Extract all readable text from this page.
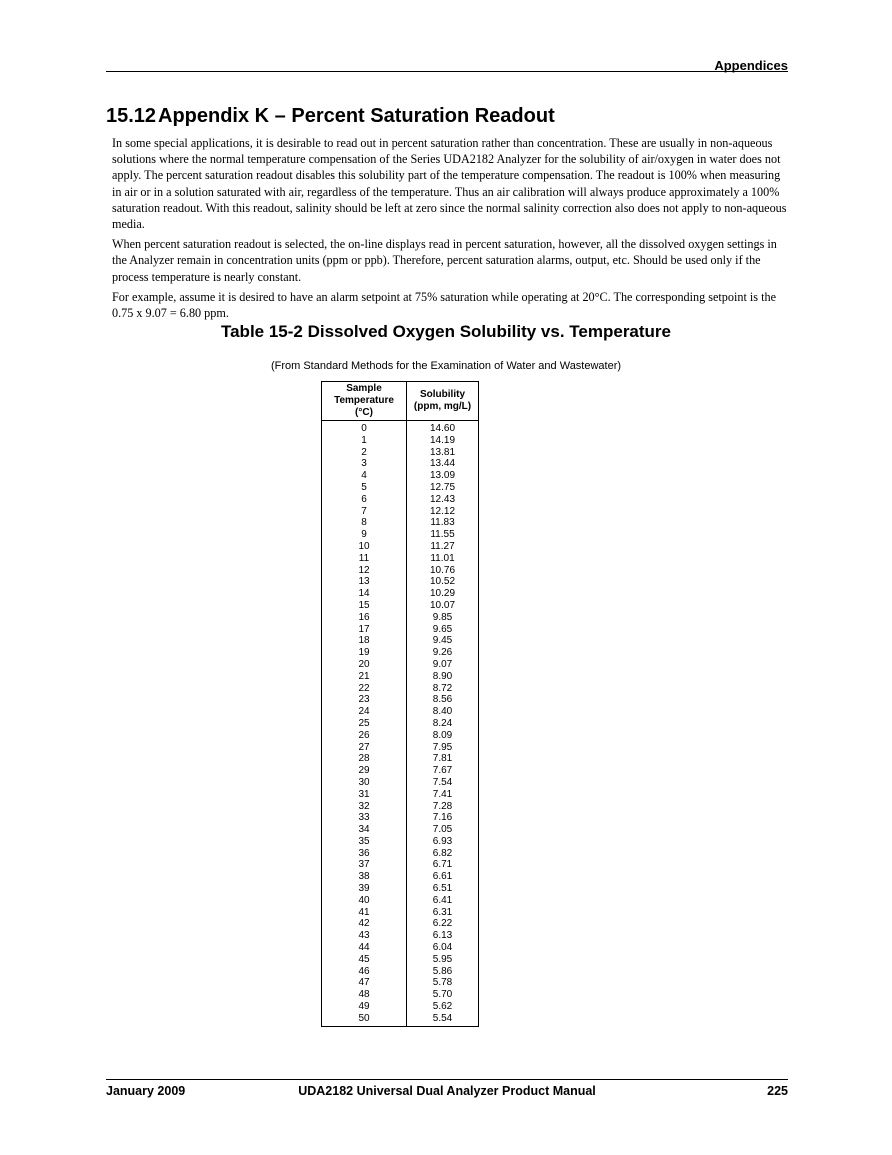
Appendices
15.12Appendix K – Percent Saturation Readout

In some special applications, it is desirable to read out in percent saturation rather than concentration. These are usually in non-aqueous solutions where the normal temperature compensation of the Series UDA2182 Analyzer for the solubility of air/oxygen in water does not apply. The percent saturation readout disables this solubility part of the temperature compensation. The readout is 100% when measuring in air or in a solution saturated with air, regardless of the temperature. Thus an air calibration will always produce approximately a 100% saturation readout. With this readout, salinity should be left at zero since the normal salinity correction also does not apply to non-aqueous media.

When percent saturation readout is selected, the on-line displays read in percent saturation, however, all the dissolved oxygen settings in the Analyzer remain in concentration units (ppm or ppb). Therefore, percent saturation alarms, output, etc. Should be used only if the process temperature is nearly constant.

For example, assume it is desired to have an alarm setpoint at 75% saturation while operating at 20°C. The corresponding setpoint is the 0.75 x 9.07 = 6.80 ppm.

Table 15-2 Dissolved Oxygen Solubility vs. Temperature
(From Standard Methods for the Examination of Water and Wastewater)
Sample
Temperature
(°C)	Solubility
(ppm, mg/L)
0	14.60
1	14.19
2	13.81
3	13.44
4	13.09
5	12.75
6	12.43
7	12.12
8	11.83
9	11.55
10	11.27
11	11.01
12	10.76
13	10.52
14	10.29
15	10.07
16	9.85
17	9.65
18	9.45
19	9.26
20	9.07
21	8.90
22	8.72
23	8.56
24	8.40
25	8.24
26	8.09
27	7.95
28	7.81
29	7.67
30	7.54
31	7.41
32	7.28
33	7.16
34	7.05
35	6.93
36	6.82
37	6.71
38	6.61
39	6.51
40	6.41
41	6.31
42	6.22
43	6.13
44	6.04
45	5.95
46	5.86
47	5.78
48	5.70
49	5.62
50	5.54
January 2009	UDA2182 Universal Dual Analyzer Product Manual	225
